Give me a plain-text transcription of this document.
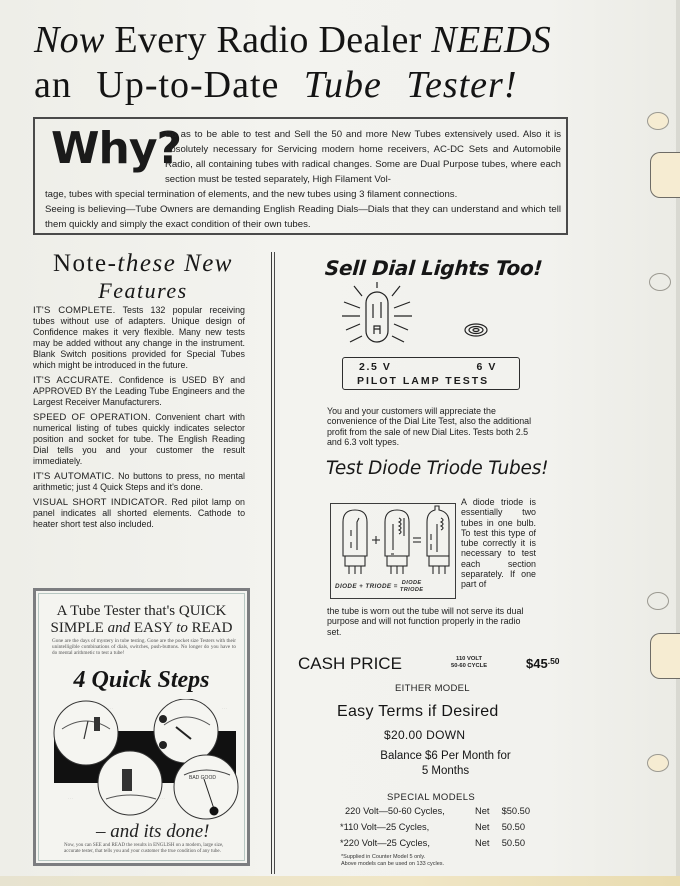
Now Every Radio Dealer NEEDS
an Up-to-Date Tube Tester!
Why?
So as to be able to test and Sell the 50 and more New Tubes extensively used. Also it is absolutely necessary for Servicing modern home receivers, AC-DC Sets and Automobile Radio, all containing tubes with radical changes. Some are Dual Purpose tubes, where each section must be tested separately, High Filament Vol-
tage, tubes with special termination of elements, and the new tubes using 3 filament connections.
Seeing is believing—Tube Owners are demanding English Reading Dials—Dials that they can understand and which tell them quickly and simply the exact condition of their own tubes.
Note-these New
Features

IT'S COMPLETE. Tests 132 popular receiving tubes without use of adapters. Unique design of Confidence makes it very flexible. Many new tests may be added without any change in the instrument. Blank Switch positions provided for Special Tubes which might be introduced in the future.

IT'S ACCURATE. Confidence is USED BY and APPROVED BY the Leading Tube Engineers and the Largest Receiver Manufacturers.

SPEED OF OPERATION. Convenient chart with numerical listing of tubes quickly indicates selector position and socket for tube. The English Reading Dial tells you and your customer the result immediately.

IT'S AUTOMATIC. No buttons to press, no mental arithmetic; just 4 Quick Steps and it's done.

VISUAL SHORT INDICATOR. Red pilot lamp on panel indicates all shorted elements. Cathode to heater short test also included.

A Tube Tester that's QUICK
SIMPLE and EASY to READ
Gone are the days of mystery in tube testing. Gone are the pocket size Testers with their unintelligible combinations of dials, switches, push-buttons. No longer do you have to do mental arithmetic to test a tube!
4 Quick Steps
BAD GOOD
· · ·	· · ·
· · ·	· · ·
– and its done!
Now, you can SEE and READ the results in ENGLISH on a modern, large size, accurate tester, that tells you and your customer the true condition of any tube.
Sell Dial Lights Too!
2.5 V	6 V
PILOT LAMP TESTS
You and your customers will appreciate the convenience of the Dial Lite Test, also the additional profit from the sale of new Dial Lites. Tests both 2.5 and 6.3 volt types.
Test Diode Triode Tubes!
DIODE + TRIODE =
DIODE
TRIODE
A diode triode is essentially two tubes in one bulb. To test this type of tube correctly it is necessary to test each section separately. If one part of
the tube is worn out the tube will not serve its dual purpose and will not function properly in the radio set.
CASH PRICE	110 VOLT
50-60 CYCLE	$\$45^{.50}$
EITHER MODEL
Easy Terms if Desired
$20.00 DOWN
Balance $6 Per Month for
5 Months
SPECIAL MODELS
220 Volt—50-60 Cycles,	Net $50.50
*110 Volt—25 Cycles,	Net 50.50
*220 Volt—25 Cycles,	Net 50.50
*Supplied in Counter Model 5 only.
Above models can be used on 133 cycles.
